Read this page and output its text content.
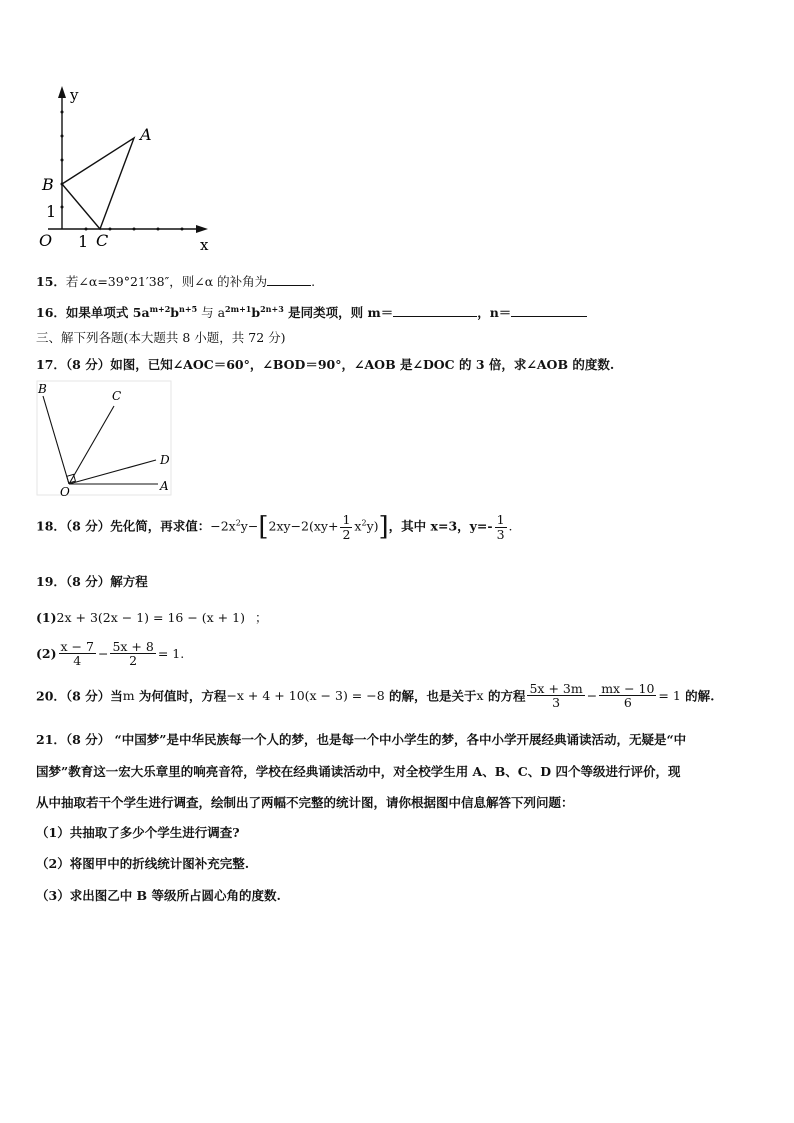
y
x
O 1
1
A
B
C
15．若∠α=39°21′38″，则∠α 的补角为	.
16．如果单项式 $5a^{m+2}b^{n+5}$ 与 $a^{2m+1}b^{2n+3}$ 是同类项，则 m＝	，n＝
三、解下列各题(本大题共 8 小题，共 72 分)
17．（8 分）如图，已知∠AOC＝60°，∠BOD＝90°，∠AOB 是∠DOC 的 3 倍，求∠AOB 的度数.
O	A
B	C
D
18．（8 分）先化简，再求值：$-2x^2y-[2xy-2(xy+ \frac{1}{2} x^2y)]$，其中 x=3，$y=- \frac{1}{3}$ .
19．（8 分）解方程
(1)2x + 3(2x − 1) = 16 − (x + 1) ；
$(2) \frac{x - 7}{4} - \frac{5x + 8}{2} = 1$.
20．（8 分）当m 为何值时，方程−x + 4 + 10(x − 3) = −8 的解，也是关于x 的方程 $\frac{5x + 3m}{3} - \frac{mx - 10}{6} = 1$ 的解.
21．（8 分） “中国梦”是中华民族每一个人的梦，也是每一个中小学生的梦，各中小学开展经典诵读活动，无疑是“中
国梦”教育这一宏大乐章里的响亮音符，学校在经典诵读活动中，对全校学生用 A、B、C、D 四个等级进行评价，现
从中抽取若干个学生进行调查，绘制出了两幅不完整的统计图，请你根据图中信息解答下列问题：
（1）共抽取了多少个学生进行调查?
（2）将图甲中的折线统计图补充完整.
（3）求出图乙中 B 等级所占圆心角的度数.
